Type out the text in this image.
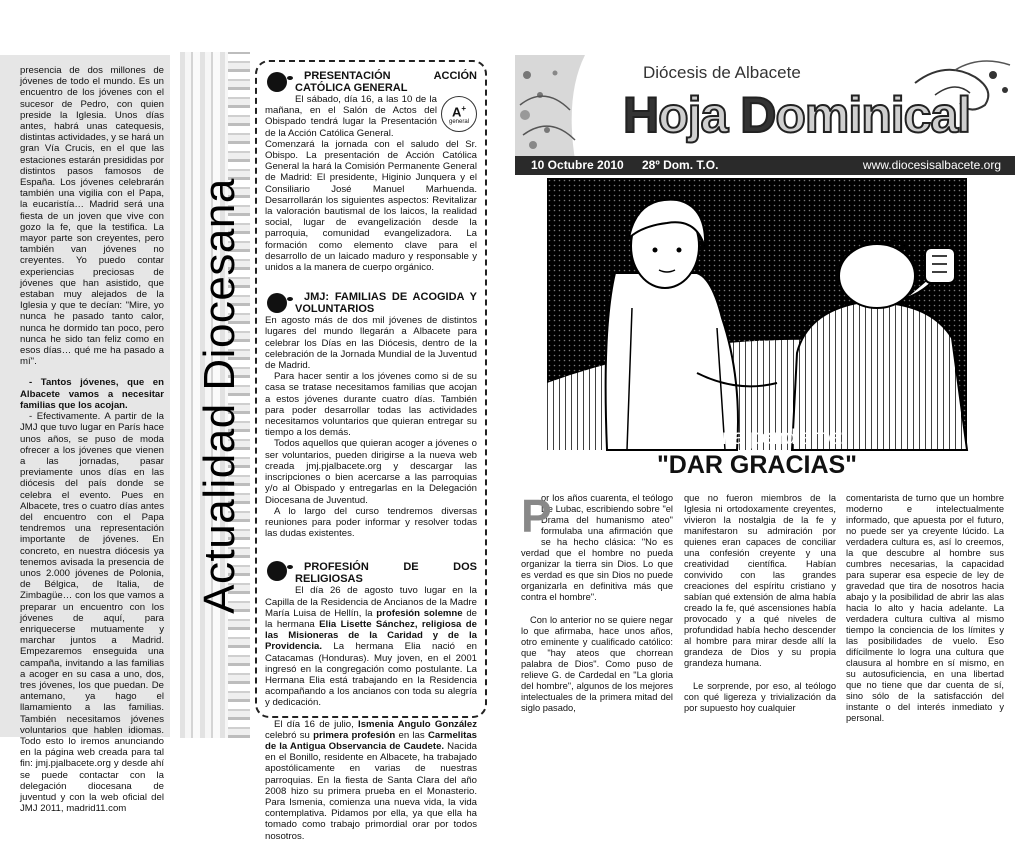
presencia de dos millones de jóvenes de todo el mundo. Es un encuentro de los jóvenes con el sucesor de Pedro, con quien preside la Iglesia. Unos días antes, habrá unas catequesis, distintas actividades, y se hará un gran Vía Crucis, en el que las estaciones estarán presididas por distintos pasos famosos de España. Los jóvenes celebrarán también una vigilia con el Papa, la eucaristía… Madrid será una fiesta de un joven que vive con gozo la fe, que la testifica. La mayor parte son creyentes, pero también van jóvenes no creyentes. Yo puedo contar experiencias preciosas de jóvenes que han asistido, que estaban muy alejados de la Iglesia y que te decían: "Mire, yo nunca he pasado tanto calor, nunca he dormido tan poco, pero nunca he sido tan feliz como en esos días… qué me ha pasado a mí".

- Tantos jóvenes, que en Albacete vamos a necesitar familias que los acojan.

- Efectivamente. A partir de la JMJ que tuvo lugar en París hace unos años, se puso de moda ofrecer a los jóvenes que vienen a las jornadas, pasar previamente unos días en las diócesis del país donde se celebra el evento. Pues en Albacete, tres o cuatro días antes del encuentro con el Papa tendremos una representación importante de jóvenes. En concreto, en nuestra diócesis ya tenemos avisada la presencia de unos 2.000 jóvenes de Polonia, de Bélgica, de Italia, de Zimbagüe… con los que vamos a preparar un encuentro con los jóvenes de aquí, para enriquecerse mutuamente y marchar juntos a Madrid. Empezaremos enseguida una campaña, invitando a las familias a acoger en su casa a uno, dos, tres jóvenes, los que puedan. De antemano, ya hago el llamamiento a las familias. También necesitamos jóvenes voluntarios que hablen idiomas. Todo esto lo iremos anunciando en la página web creada para tal fin: jmj.pjalbacete.org y desde ahí se puede contactar con la delegación diocesana de juventud y con la web oficial del JMJ 2011, madrid11.com

Actualidad Diocesana

PRESENTACIÓN ACCIÓN CATÓLICA GENERAL

A+
general

El sábado, día 16, a las 10 de la mañana, en el Salón de Actos del Obispado tendrá lugar la Presentación de la Acción Católica General.

Comenzará la jornada con el saludo del Sr. Obispo. La presentación de Acción Católica General la hará la Comisión Permanente General de Madrid: El presidente, Higinio Junquera y el Consiliario José Manuel Marhuenda. Desarrollarán los siguientes aspectos: Revitalizar la valoración bautismal de los laicos, la realidad social, lugar de evangelización desde la parroquia, comunidad evangelizadora. La formación como elemento clave para el desarrollo de un laicado maduro y responsable y unidos a la manera de cuerpo orgánico.

JMJ: FAMILIAS DE ACOGIDA Y VOLUNTARIOS

En agosto más de dos mil jóvenes de distintos lugares del mundo llegarán a Albacete para celebrar los Días en las Diócesis, dentro de la celebración de la Jornada Mundial de la Juventud de Madrid.

Para hacer sentir a los jóvenes como si de su casa se tratase necesitamos familias que acojan a estos jóvenes durante cuatro días. También para poder desarrollar todas las actividades necesitamos voluntarios que quieran entregar su tiempo a los demás.

Todos aquellos que quieran acoger a jóvenes o ser voluntarios, pueden dirigirse a la nueva web creada jmj.pjalbacete.org y descargar las inscripciones o bien acercarse a las parroquias y/o al Obispado y entregarlas en la Delegación Diocesana de Juventud.

A lo largo del curso tendremos diversas reuniones para poder informar y resolver todas las dudas existentes.

PROFESIÓN DE DOS RELIGIOSAS

El día 26 de agosto tuvo lugar en la Capilla de la Residencia de Ancianos de la Madre María Luisa de Hellín, la profesión solemne de la hermana Elia Lisette Sánchez, religiosa de las Misioneras de la Caridad y de la Providencia. La hermana Elia nació en Catacamas (Honduras). Muy joven, en el 2001 ingresó en la congregación como postulante. La Hermana Elia está trabajando en la Residencia acompañando a los ancianos con toda su alegría y dedicación.

El día 16 de julio, Ismenia Angulo González celebró su primera profesión en las Carmelitas de la Antigua Observancia de Caudete. Nacida en el Bonillo, residente en Albacete, ha trabajado apostólicamente en varias de nuestras parroquias. En la fiesta de Santa Clara del año 2008 hizo su primera prueba en el Monasterio. Para Ismenia, comienza una nueva vida, la vida contemplativa. Pidamos por ella, ya que ella ha tomado como trabajo primordial orar por todos nosotros.

Diócesis de Albacete
Hoja Dominical
10 Octubre 2010 28º Dom. T.O.	www.diocesisalbacete.org
Asignatura pendiente:
"DAR GRACIAS"
P

or los años cuarenta, el teólogo De Lubac, escribiendo sobre "el Drama del humanismo ateo" formulaba una afirmación que se ha hecho clásica: "No es verdad que el hombre no pueda organizar la tierra sin Dios. Lo que es verdad es que sin Dios no puede organizarla en definitiva más que contra el hombre".

Con lo anterior no se quiere negar lo que afirmaba, hace unos años, otro eminente y cualificado católico: que "hay ateos que chorrean palabra de Dios". Como puso de relieve G. de Cardedal en "La gloria del hombre", algunos de los mejores intelectuales de la primera mitad del siglo pasado,

que no fueron miembros de la Iglesia ni ortodoxamente creyentes, vivieron la nostalgia de la fe y manifestaron su admiración por quienes eran capaces de conciliar una confesión creyente y una creatividad científica. Habían convivido con las grandes creaciones del espíritu cristiano y sabían qué extensión de alma había creado la fe, qué ascensiones había provocado y a qué niveles de profundidad había hecho descender al hombre para mirar desde allí la grandeza de Dios y su propia grandeza humana.

Le sorprende, por eso, al teólogo con qué ligereza y trivialización da por supuesto hoy cualquier

comentarista de turno que un hombre moderno e intelectualmente informado, que apuesta por el futuro, no puede ser ya creyente lúcido. La verdadera cultura es, así lo creemos, la que descubre al hombre sus cumbres necesarias, la capacidad para superar esa especie de ley de gravedad que tira de nosotros hacia abajo y la posibilidad de abrir las alas hacia lo alto y hacia adelante. La verdadera cultura cultiva al mismo tiempo la conciencia de los límites y las posibilidades de vuelo. Eso difícilmente lo logra una cultura que clausura al hombre en sí mismo, en su autosuficiencia, en una libertad que no tiene que dar cuenta de sí, sino sólo de la satisfacción del instante o del interés inmediato y personal.
